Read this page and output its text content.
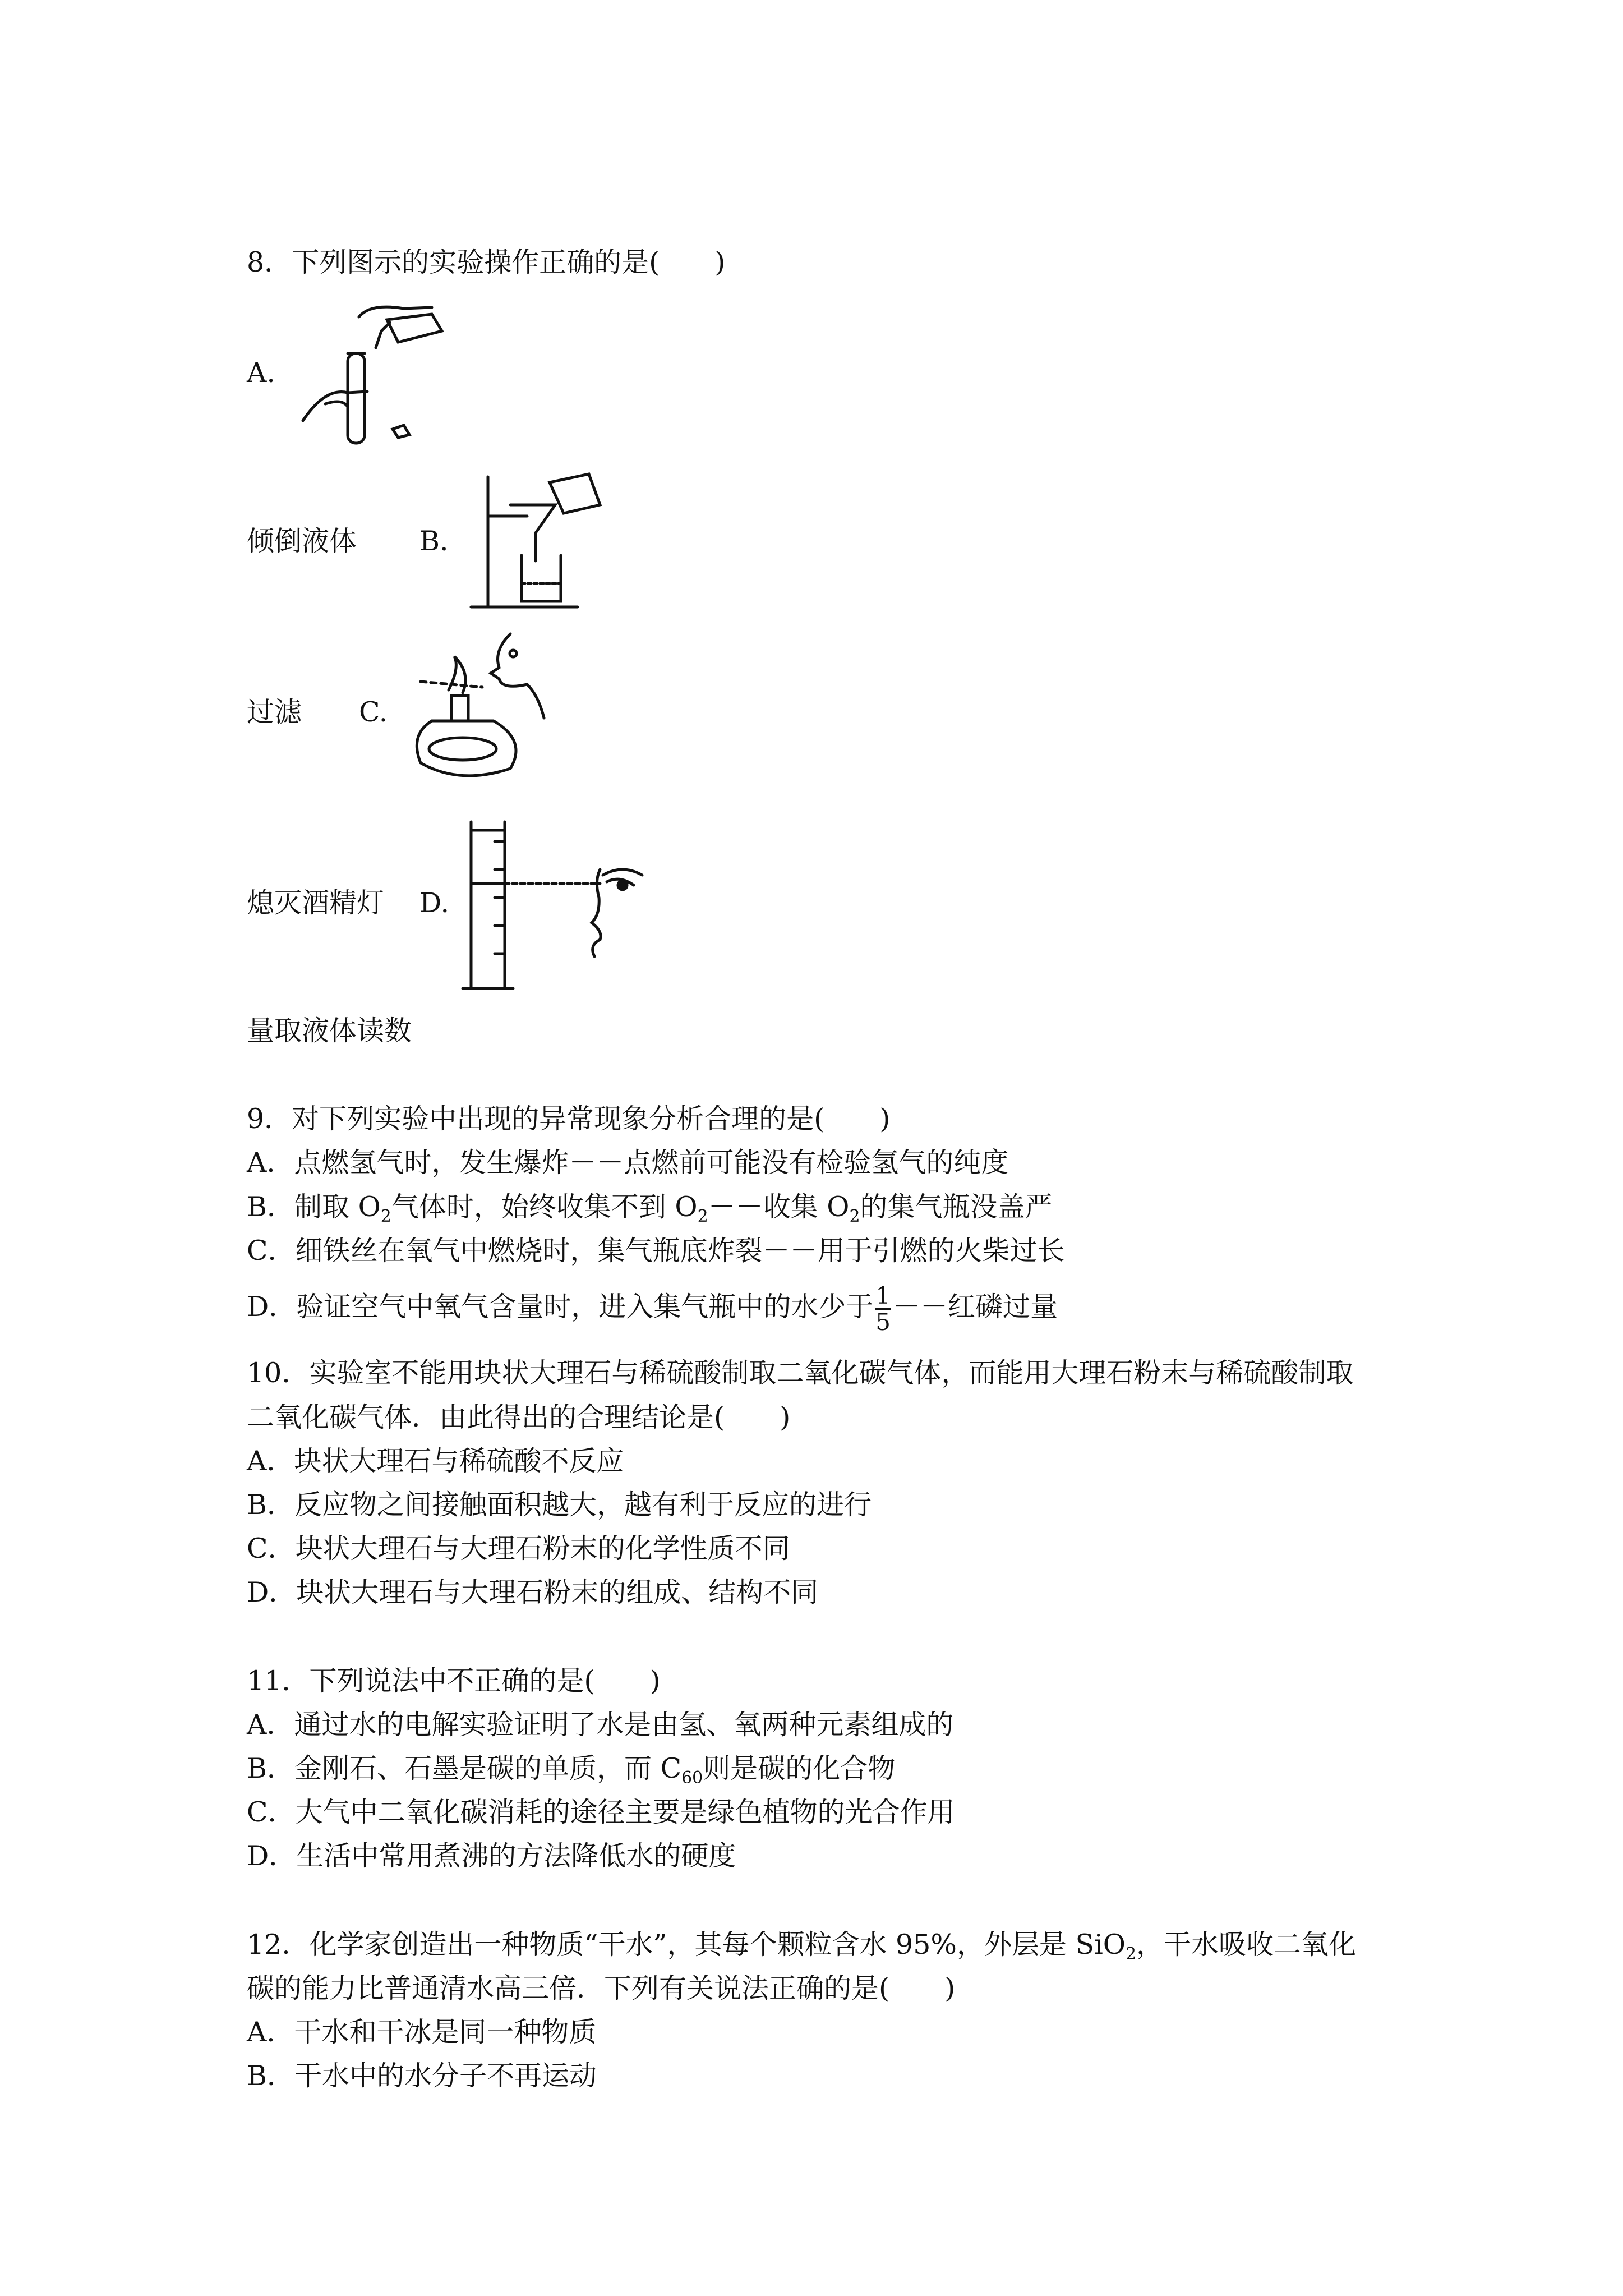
8．下列图示的实验操作正确的是(　　)
A.
倾倒液体 B.
过滤 C.
熄灭酒精灯 D.
量取液体读数
9．对下列实验中出现的异常现象分析合理的是(　　)
A．点燃氢气时，发生爆炸－－点燃前可能没有检验氢气的纯度
B．制取 $O_2$气体时，始终收集不到 $O_2--$收集 $O_2$的集气瓶没盖严
C．细铁丝在氧气中燃烧时，集气瓶底炸裂－－用于引燃的火柴过长
D．验证空气中氧气含量时，进入集气瓶中的水少于 $\frac{1}{5}$ －－红磷过量
10．实验室不能用块状大理石与稀硫酸制取二氧化碳气体，而能用大理石粉末与稀硫酸制取
二氧化碳气体．由此得出的合理结论是(　　)
A．块状大理石与稀硫酸不反应
B．反应物之间接触面积越大，越有利于反应的进行
C．块状大理石与大理石粉末的化学性质不同
D．块状大理石与大理石粉末的组成、结构不同
11．下列说法中不正确的是(　　)
A．通过水的电解实验证明了水是由氢、氧两种元素组成的
B．金刚石、石墨是碳的单质，而 $C_{60}$则是碳的化合物
C．大气中二氧化碳消耗的途径主要是绿色植物的光合作用
D．生活中常用煮沸的方法降低水的硬度
12．化学家创造出一种物质“干水”，其每个颗粒含水 95%，外层是 SiO$_2$，干水吸收二氧化
碳的能力比普通清水高三倍．下列有关说法正确的是(　　)
A．干水和干冰是同一种物质
B．干水中的水分子不再运动
